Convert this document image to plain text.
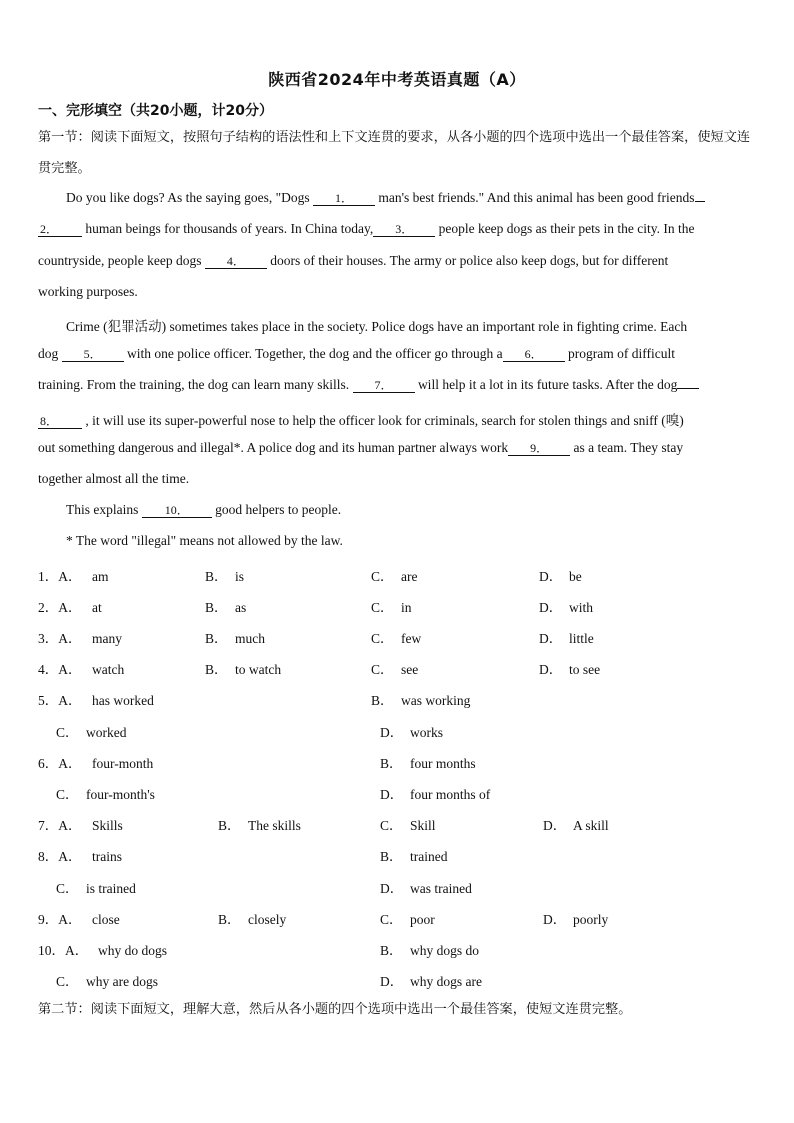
陕西省2024年中考英语真题（A）
一、完形填空（共20小题，计20分）
第一节：阅读下面短文，按照句子结构的语法性和上下文连贯的要求，从各小题的四个选项中选出一个最佳答案，使短文连贯完整。
Do you like dogs? As the saying goes, "Dogs 1． man's best friends." And this animal has been good friends
2． human beings for thousands of years. In China today, 3． people keep dogs as their pets in the city. In the
countryside, people keep dogs 4． doors of their houses. The army or police also keep dogs, but for different
working purposes.
Crime (犯罪活动) sometimes takes place in the society. Police dogs have an important role in fighting crime. Each
dog 5． with one police officer. Together, the dog and the officer go through a 6． program of difficult
training. From the training, the dog can learn many skills. 7． will help it a lot in its future tasks. After the dog
8． , it will use its super-powerful nose to help the officer look for criminals, search for stolen things and sniff (嗅)
out something dangerous and illegal*. A police dog and its human partner always work 9． as a team. They stay
together almost all the time.
This explains 10． good helpers to people.
* The word "illegal" means not allowed by the law.
1．A． am	B． is	C． are	D． be
2．A． at	B． as	C． in	D． with
3．A． many	B． much	C． few	D． little
4．A． watch	B． to watch	C． see	D． to see
5．A． has worked	B． was working
C． worked	D． works
6．A． four-month	B． four months
C． four-month's	D． four months of
7．A． Skills	B． The skills	C． Skill	D． A skill
8．A． trains	B． trained
C． is trained	D． was trained
9．A． close	B． closely	C． poor	D． poorly
10．A． why do dogs	B． why dogs do
C． why are dogs	D． why dogs are
第二节：阅读下面短文，理解大意，然后从各小题的四个选项中选出一个最佳答案，使短文连贯完整。
